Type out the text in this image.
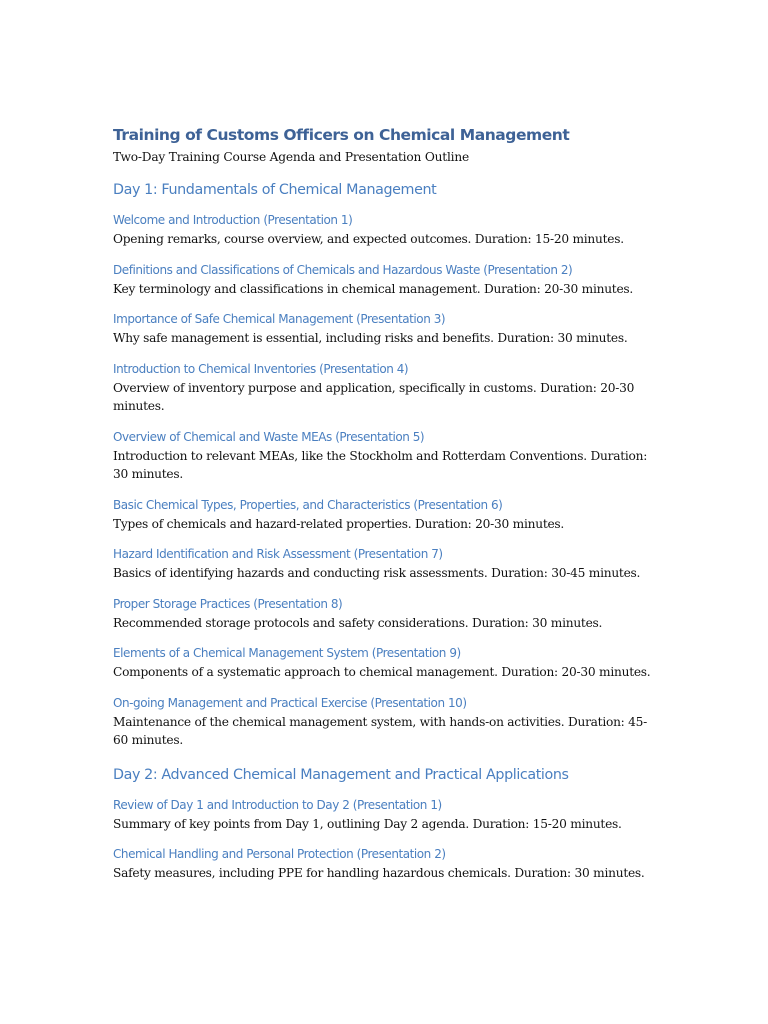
Training of Customs Officers on Chemical Management

Two-Day Training Course Agenda and Presentation Outline

Day 1: Fundamentals of Chemical Management

Welcome and Introduction (Presentation 1)

Opening remarks, course overview, and expected outcomes. Duration: 15-20 minutes.

Definitions and Classifications of Chemicals and Hazardous Waste (Presentation 2)

Key terminology and classifications in chemical management. Duration: 20-30 minutes.

Importance of Safe Chemical Management (Presentation 3)

Why safe management is essential, including risks and benefits. Duration: 30 minutes.

Introduction to Chemical Inventories (Presentation 4)

Overview of inventory purpose and application, specifically in customs. Duration: 20-30 minutes.

Overview of Chemical and Waste MEAs (Presentation 5)

Introduction to relevant MEAs, like the Stockholm and Rotterdam Conventions. Duration: 30 minutes.

Basic Chemical Types, Properties, and Characteristics (Presentation 6)

Types of chemicals and hazard-related properties. Duration: 20-30 minutes.

Hazard Identification and Risk Assessment (Presentation 7)

Basics of identifying hazards and conducting risk assessments. Duration: 30-45 minutes.

Proper Storage Practices (Presentation 8)

Recommended storage protocols and safety considerations. Duration: 30 minutes.

Elements of a Chemical Management System (Presentation 9)

Components of a systematic approach to chemical management. Duration: 20-30 minutes.

On-going Management and Practical Exercise (Presentation 10)

Maintenance of the chemical management system, with hands-on activities. Duration: 45-60 minutes.

Day 2: Advanced Chemical Management and Practical Applications

Review of Day 1 and Introduction to Day 2 (Presentation 1)

Summary of key points from Day 1, outlining Day 2 agenda. Duration: 15-20 minutes.

Chemical Handling and Personal Protection (Presentation 2)

Safety measures, including PPE for handling hazardous chemicals. Duration: 30 minutes.
